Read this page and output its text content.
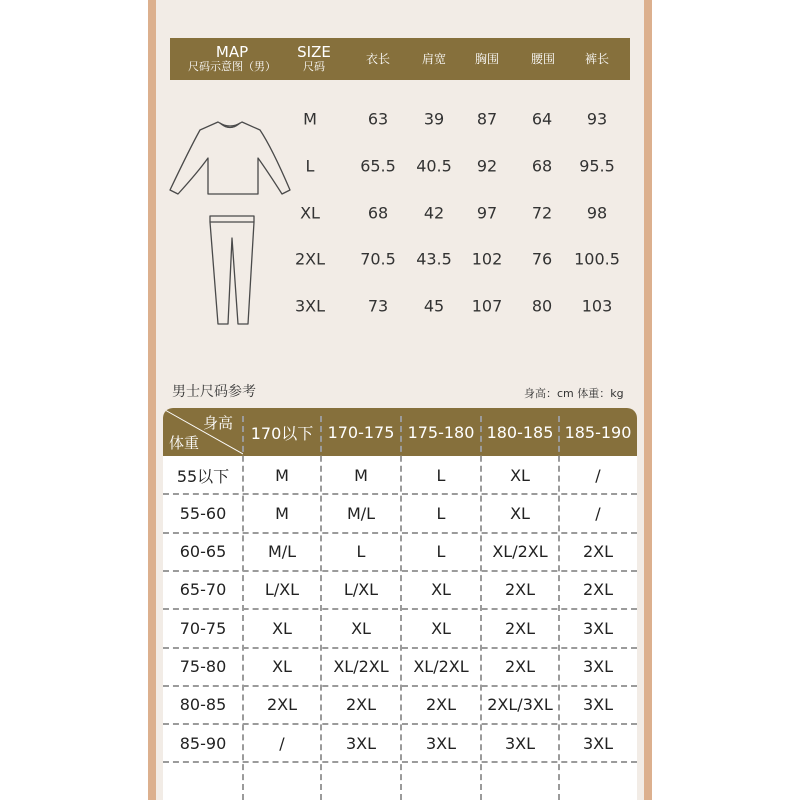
MAP
尺码示意图（男）
SIZE
尺码
衣长	肩宽	胸围	腰围	裤长
M	63 39 87 64 93
L	65.5 40.5 92 68 95.5
XL	68 42 97 72 98
2XL 70.5 43.5 102 76 100.5
3XL	73 45 107 80 103
男士尺码参考	身高：cm 体重：kg
身高
体重
170以下 170-175 175-180 180-185 185-190
55以下	M	M	L	XL	/
55-60	M	M/L	L	XL	/
60-65	M/L	L	L	XL/2XL	2XL
65-70	L/XL	L/XL	XL	2XL	2XL
70-75	XL	XL	XL	2XL	3XL
75-80	XL	XL/2XL	XL/2XL	2XL	3XL
80-85	2XL	2XL	2XL	2XL/3XL	3XL
85-90	/	3XL	3XL	3XL	3XL
